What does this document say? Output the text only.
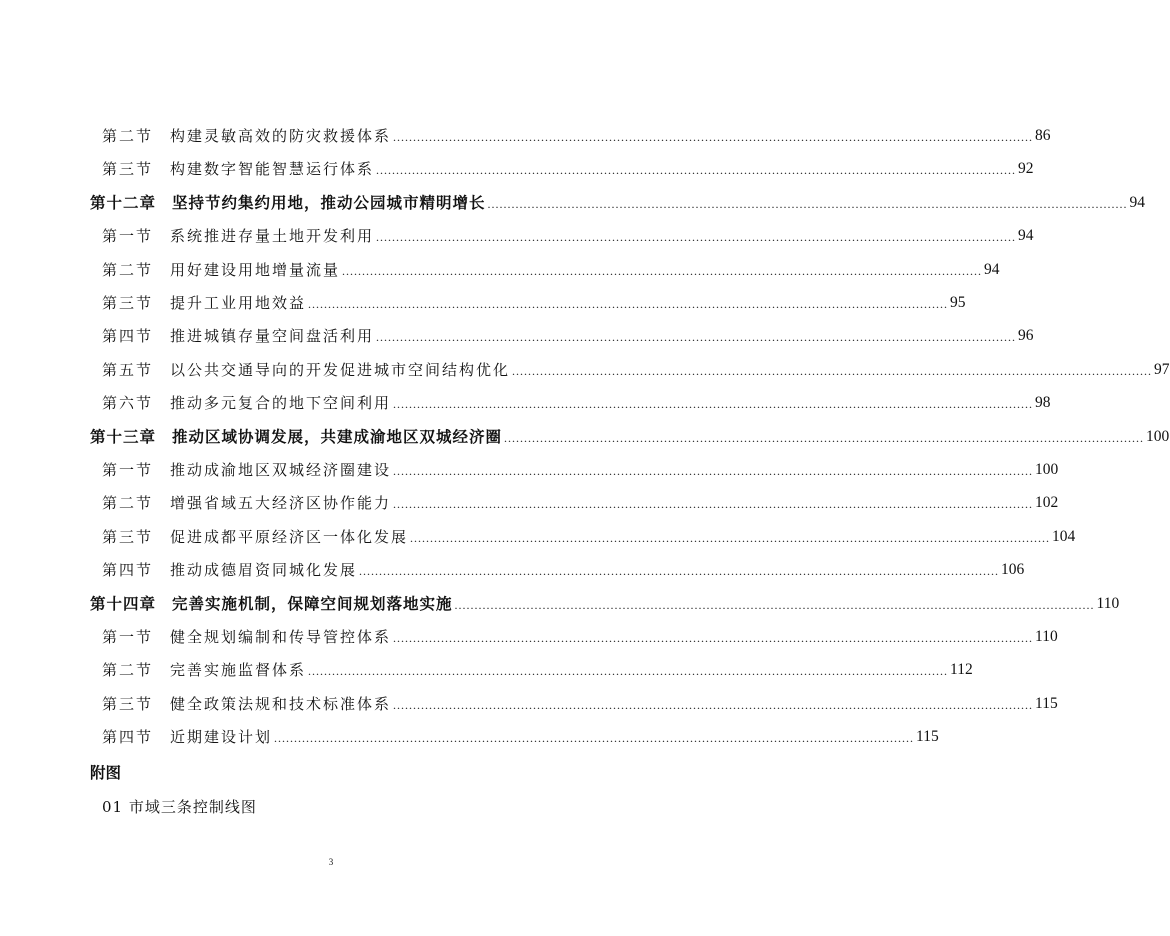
第二节	构建灵敏高效的防灾救援体系 ................................................................................................................................................................ 86
第三节	构建数字智能智慧运行体系 ................................................................................................................................................................ 92
第十二章	坚持节约集约用地，推动公园城市精明增长 ................................................................................................................................................................ 94
第一节	系统推进存量土地开发利用 ................................................................................................................................................................ 94
第二节	用好建设用地增量流量 ................................................................................................................................................................ 94
第三节	提升工业用地效益 ................................................................................................................................................................ 95
第四节	推进城镇存量空间盘活利用 ................................................................................................................................................................ 96
第五节	以公共交通导向的开发促进城市空间结构优化 ................................................................................................................................................................ 97
第六节	推动多元复合的地下空间利用 ................................................................................................................................................................ 98
第十三章	推动区域协调发展，共建成渝地区双城经济圈 ................................................................................................................................................................ 100
第一节	推动成渝地区双城经济圈建设 ................................................................................................................................................................ 100
第二节	增强省域五大经济区协作能力 ................................................................................................................................................................ 102
第三节	促进成都平原经济区一体化发展 ................................................................................................................................................................ 104
第四节	推动成德眉资同城化发展 ................................................................................................................................................................ 106
第十四章	完善实施机制，保障空间规划落地实施 ................................................................................................................................................................ 110
第一节	健全规划编制和传导管控体系 ................................................................................................................................................................ 110
第二节	完善实施监督体系 ................................................................................................................................................................ 112
第三节	健全政策法规和技术标准体系 ................................................................................................................................................................ 115
第四节	近期建设计划 ................................................................................................................................................................ 115
附图
01 市域三条控制线图
3
